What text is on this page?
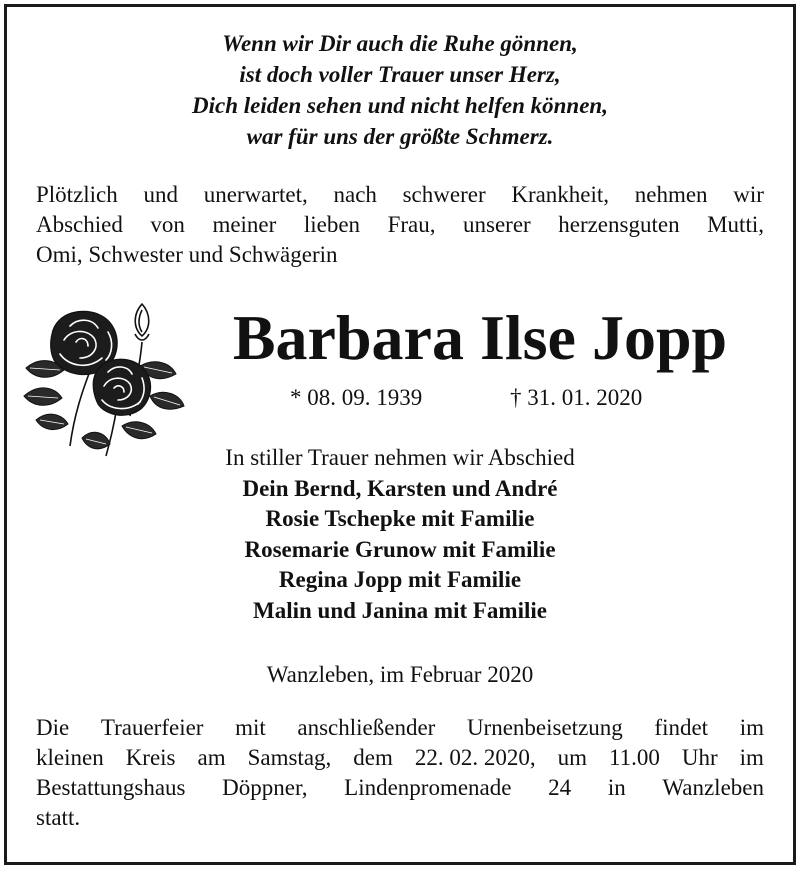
Wenn wir Dir auch die Ruhe gönnen,
ist doch voller Trauer unser Herz,
Dich leiden sehen und nicht helfen können,
war für uns der größte Schmerz.
Plötzlich und unerwartet, nach schwerer Krankheit, nehmen wir
Abschied von meiner lieben Frau, unserer herzensguten Mutti,
Omi, Schwester und Schwägerin
Barbara Ilse Jopp
* 08. 09. 1939	† 31. 01. 2020
In stiller Trauer nehmen wir Abschied
Dein Bernd, Karsten und André
Rosie Tschepke mit Familie
Rosemarie Grunow mit Familie
Regina Jopp mit Familie
Malin und Janina mit Familie
Wanzleben, im Februar 2020
Die Trauerfeier mit anschließender Urnenbeisetzung findet im
kleinen Kreis am Samstag, dem 22. 02. 2020, um 11.00 Uhr im
Bestattungshaus Döppner, Lindenpromenade 24 in Wanzleben
statt.
